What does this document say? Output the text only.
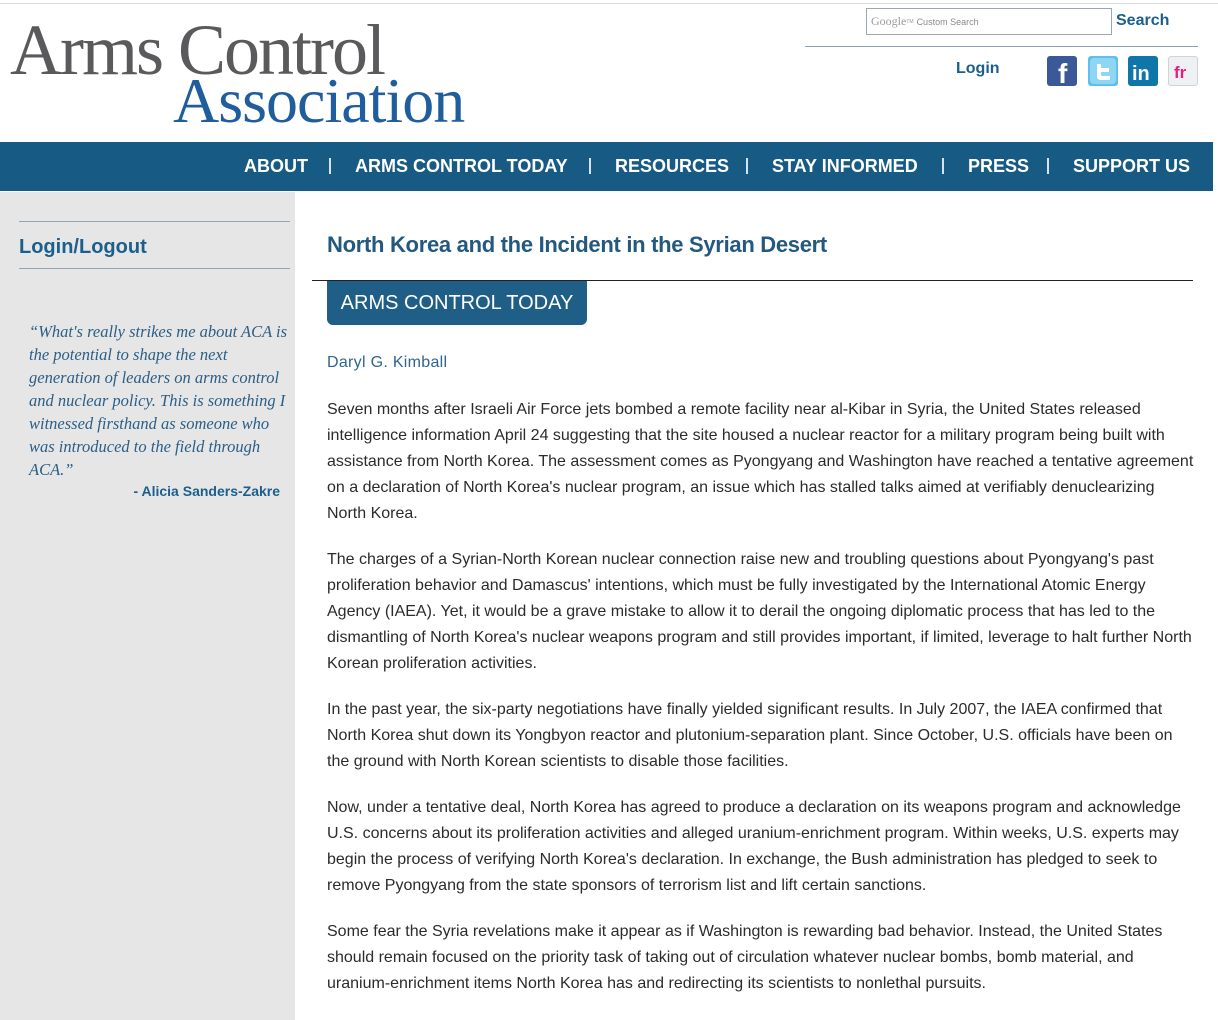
Arms Control
Association
Google TM Custom Search	Search
Login f	in fr
ABOUT	ARMS CONTROL TODAY	RESOURCES STAY INFORMED	PRESS SUPPORT US
Login/Logout
“What's really strikes me about ACA is the potential to shape the next generation of leaders on arms control and nuclear policy. This is something I witnessed firsthand as someone who was introduced to the field through ACA.”
- Alicia Sanders-Zakre
North Korea and the Incident in the Syrian Desert
ARMS CONTROL TODAY
Daryl G. Kimball

Seven months after Israeli Air Force jets bombed a remote facility near al-Kibar in Syria, the United States released intelligence information April 24 suggesting that the site housed a nuclear reactor for a military program being built with assistance from North Korea. The assessment comes as Pyongyang and Washington have reached a tentative agreement on a declaration of North Korea's nuclear program, an issue which has stalled talks aimed at verifiably denuclearizing North Korea.

The charges of a Syrian-North Korean nuclear connection raise new and troubling questions about Pyongyang's past proliferation behavior and Damascus' intentions, which must be fully investigated by the International Atomic Energy Agency (IAEA). Yet, it would be a grave mistake to allow it to derail the ongoing diplomatic process that has led to the dismantling of North Korea's nuclear weapons program and still provides important, if limited, leverage to halt further North Korean proliferation activities.

In the past year, the six-party negotiations have finally yielded significant results. In July 2007, the IAEA confirmed that North Korea shut down its Yongbyon reactor and plutonium-separation plant. Since October, U.S. officials have been on the ground with North Korean scientists to disable those facilities.

Now, under a tentative deal, North Korea has agreed to produce a declaration on its weapons program and acknowledge U.S. concerns about its proliferation activities and alleged uranium-enrichment program. Within weeks, U.S. experts may begin the process of verifying North Korea's declaration. In exchange, the Bush administration has pledged to seek to remove Pyongyang from the state sponsors of terrorism list and lift certain sanctions.

Some fear the Syria revelations make it appear as if Washington is rewarding bad behavior. Instead, the United States should remain focused on the priority task of taking out of circulation whatever nuclear bombs, bomb material, and uranium-enrichment items North Korea has and redirecting its scientists to nonlethal pursuits.
